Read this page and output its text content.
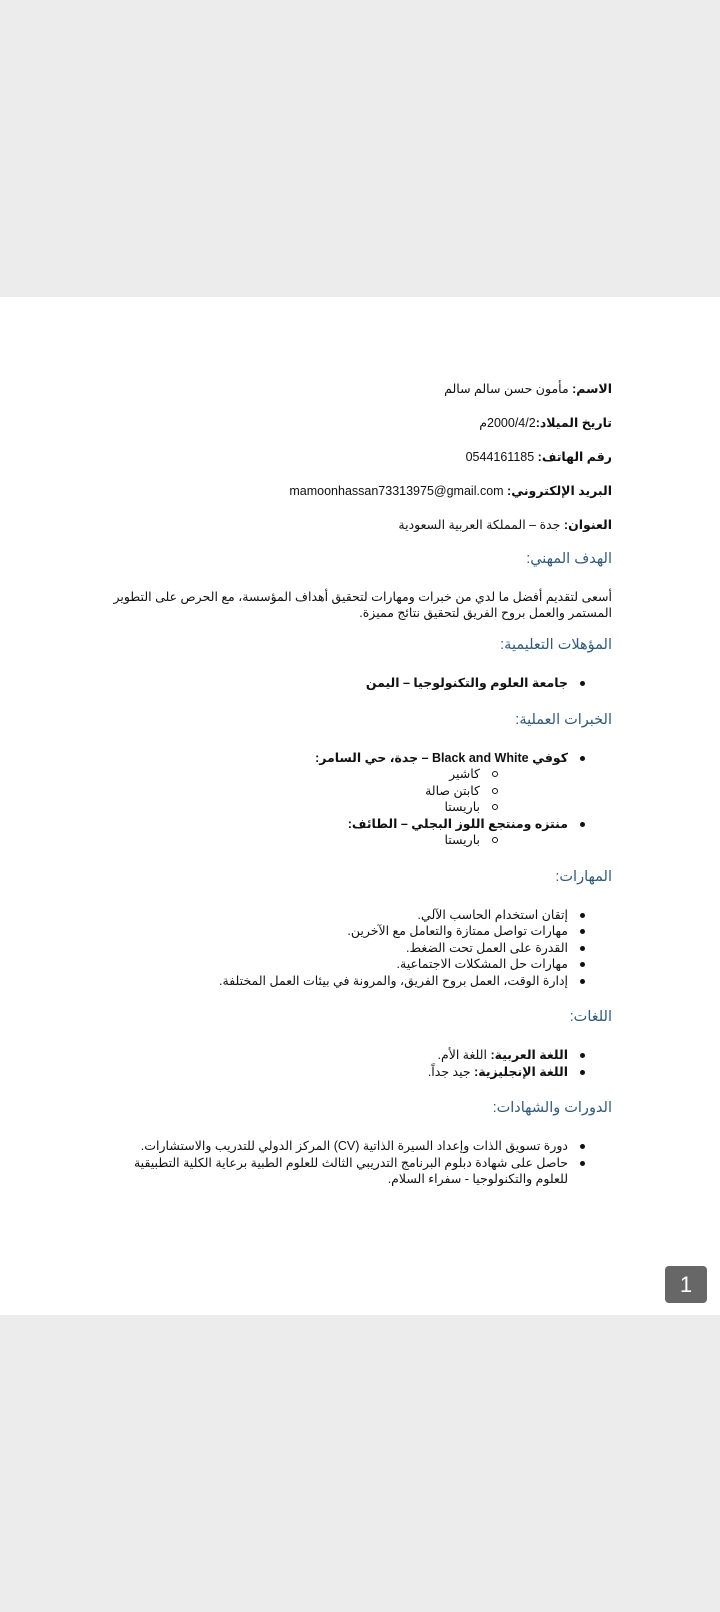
الاسم: مأمون حسن سالم سالم
تاريخ الميلاد:2000/4/2م
رقم الهاتف: 0544161185
البريد الإلكتروني: mamoonhassan73313975@gmail.com
العنوان: جدة – المملكة العربية السعودية
الهدف المهني:
أسعى لتقديم أفضل ما لدي من خبرات ومهارات لتحقيق أهداف المؤسسة، مع الحرص على التطوير المستمر والعمل بروح الفريق لتحقيق نتائج مميزة.
المؤهلات التعليمية:
جامعة العلوم والتكنولوجيا – اليمن
الخبرات العملية:
كوفي Black and White – جدة، حي السامر:
كاشير
كابتن صالة
باريستا
منتزه ومنتجع اللوز البجلي – الطائف:
باريستا
المهارات:
إتقان استخدام الحاسب الآلي.
مهارات تواصل ممتازة والتعامل مع الآخرين.
القدرة على العمل تحت الضغط.
مهارات حل المشكلات الاجتماعية.
إدارة الوقت، العمل بروح الفريق، والمرونة في بيئات العمل المختلفة.
اللغات:
اللغة العربية: اللغة الأم.
اللغة الإنجليزية: جيد جداً.
الدورات والشهادات:
دورة تسويق الذات وإعداد السيرة الذاتية (CV) المركز الدولي للتدريب والاستشارات.
حاصل على شهادة دبلوم البرنامج التدريبي الثالث للعلوم الطبية برعاية الكلية التطبيقية للعلوم والتكنولوجيا - سفراء السلام.
1
